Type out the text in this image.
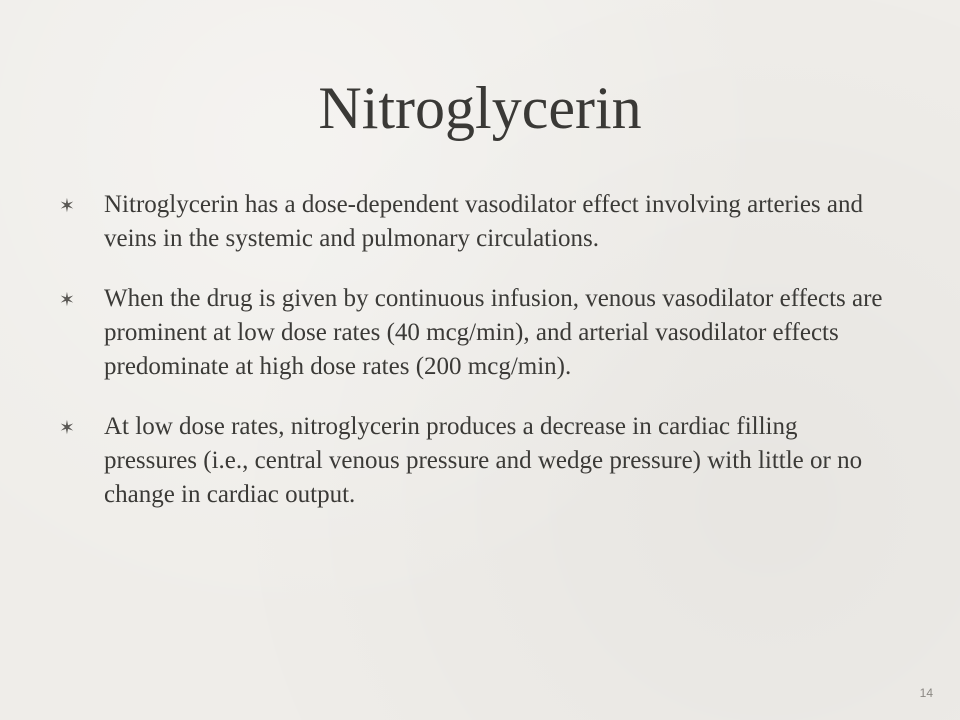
Nitroglycerin
✶ Nitroglycerin has a dose-dependent vasodilator effect involving arteries and veins in the systemic and pulmonary circulations.
✶ When the drug is given by continuous infusion, venous vasodilator effects are prominent at low dose rates (40 mcg/min), and arterial vasodilator effects predominate at high dose rates (200 mcg/min).
✶ At low dose rates, nitroglycerin produces a decrease in cardiac filling pressures (i.e., central venous pressure and wedge pressure) with little or no change in cardiac output.
14
